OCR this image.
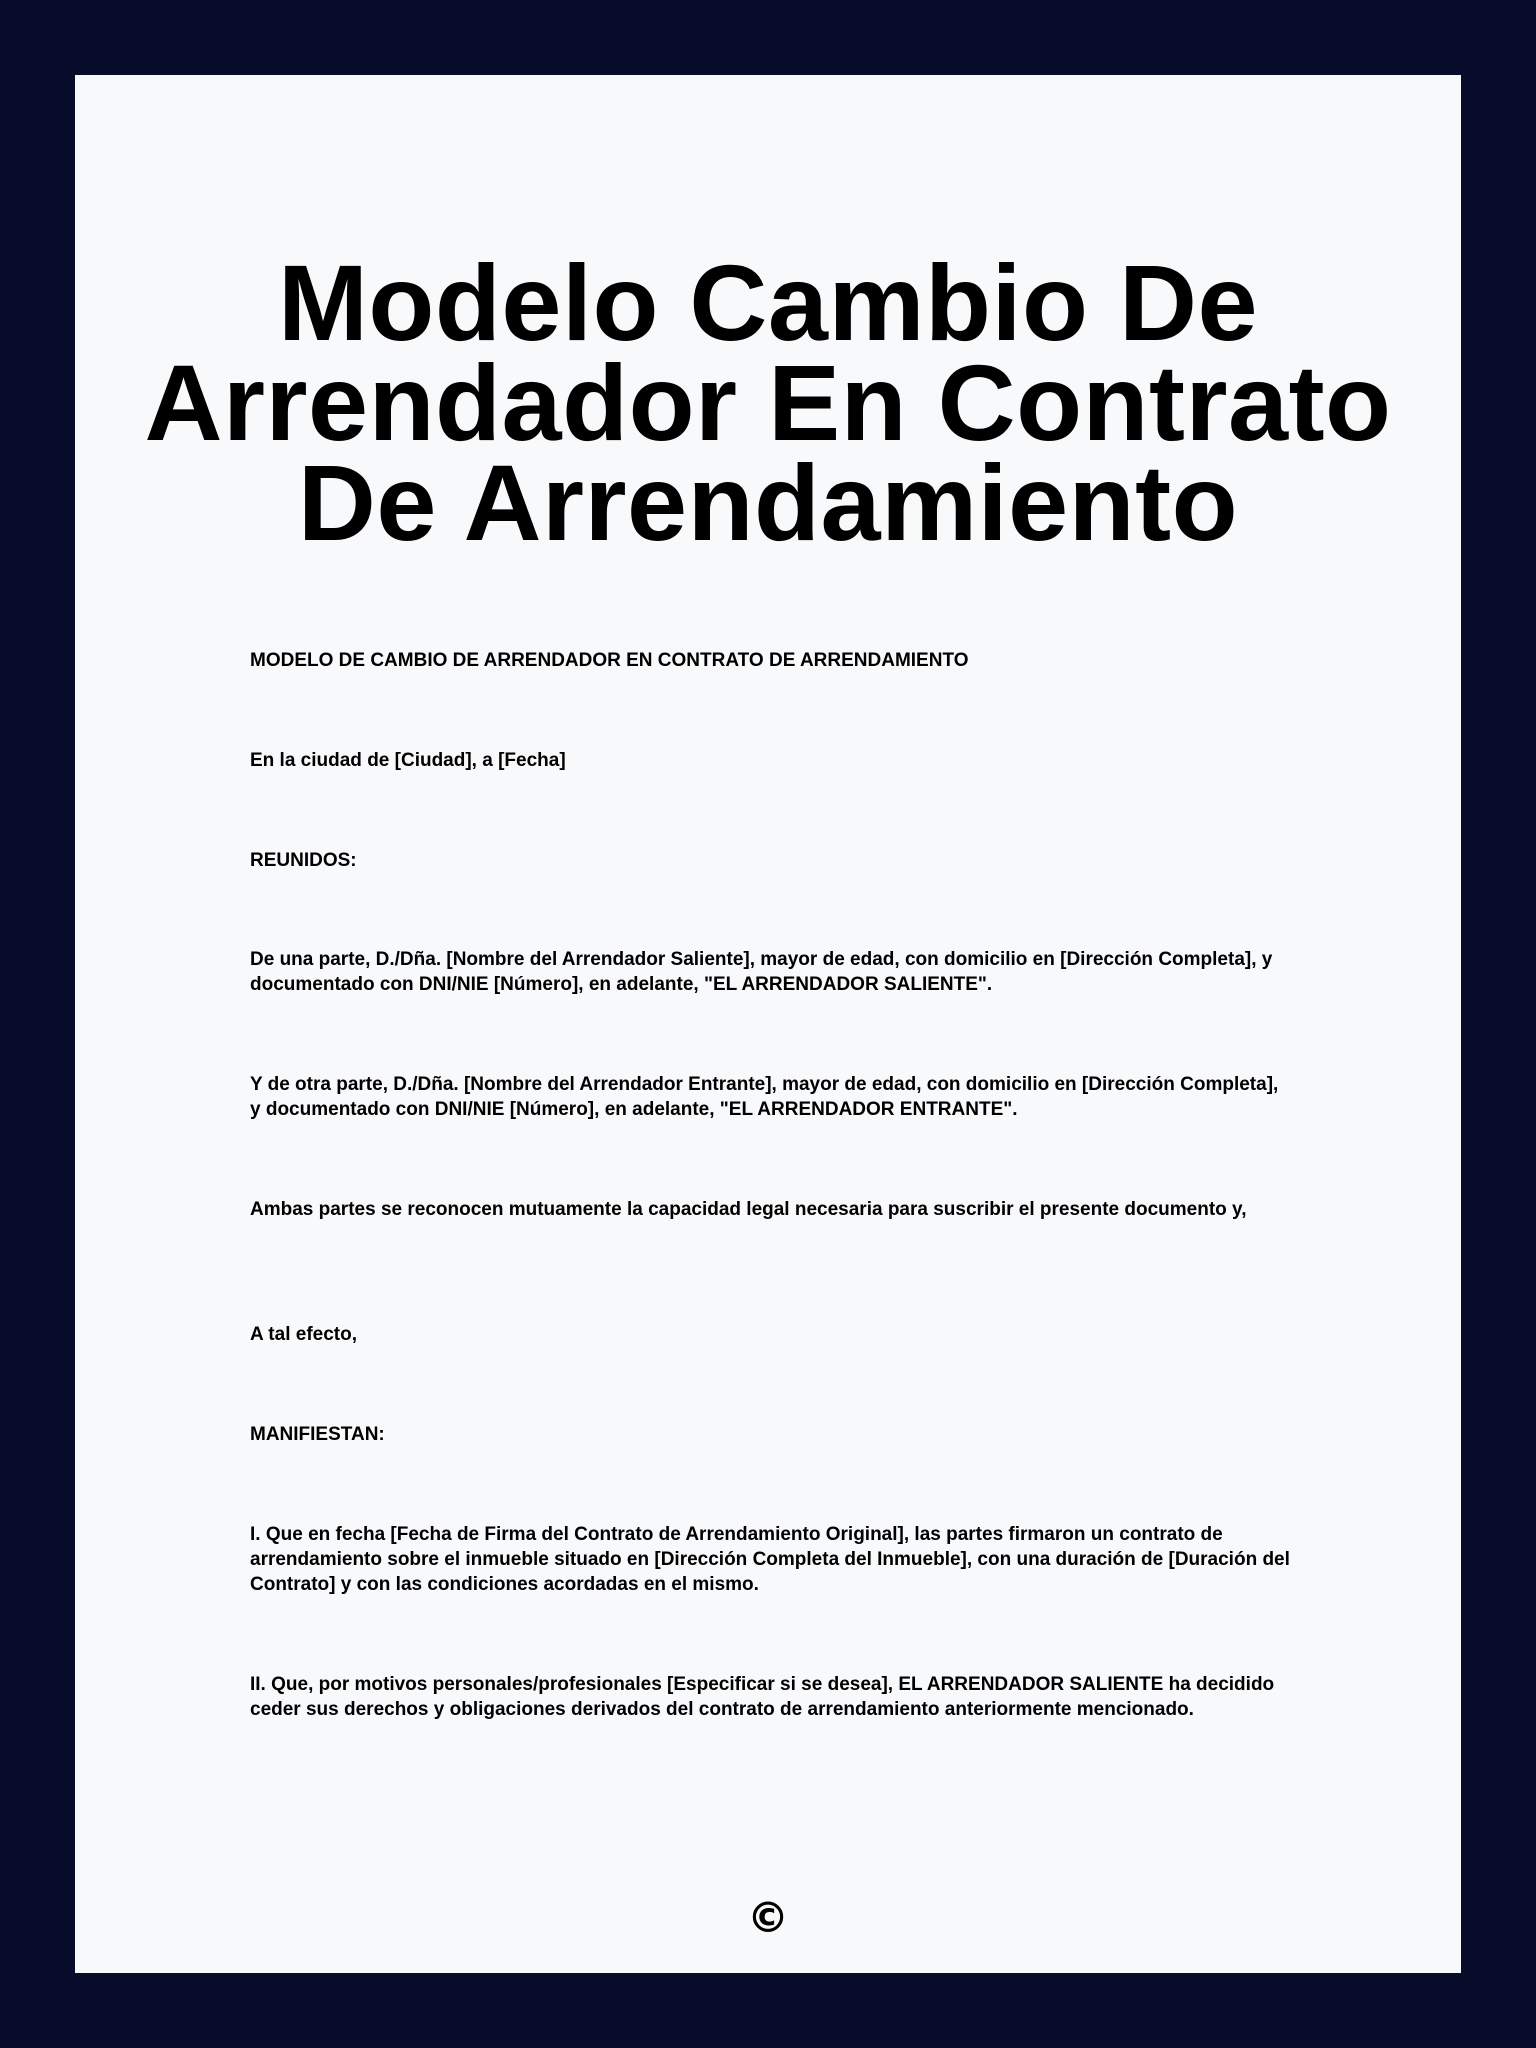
Modelo Cambio De Arrendador En Contrato De Arrendamiento

MODELO DE CAMBIO DE ARRENDADOR EN CONTRATO DE ARRENDAMIENTO

En la ciudad de [Ciudad], a [Fecha]

REUNIDOS:

De una parte, D./Dña. [Nombre del Arrendador Saliente], mayor de edad, con domicilio en [Dirección Completa], y documentado con DNI/NIE [Número], en adelante, "EL ARRENDADOR SALIENTE".

Y de otra parte, D./Dña. [Nombre del Arrendador Entrante], mayor de edad, con domicilio en [Dirección Completa], y documentado con DNI/NIE [Número], en adelante, "EL ARRENDADOR ENTRANTE".

Ambas partes se reconocen mutuamente la capacidad legal necesaria para suscribir el presente documento y,

A tal efecto,

MANIFIESTAN:

I. Que en fecha [Fecha de Firma del Contrato de Arrendamiento Original], las partes firmaron un contrato de arrendamiento sobre el inmueble situado en [Dirección Completa del Inmueble], con una duración de [Duración del Contrato] y con las condiciones acordadas en el mismo.

II. Que, por motivos personales/profesionales [Especificar si se desea], EL ARRENDADOR SALIENTE ha decidido ceder sus derechos y obligaciones derivados del contrato de arrendamiento anteriormente mencionado.

©
